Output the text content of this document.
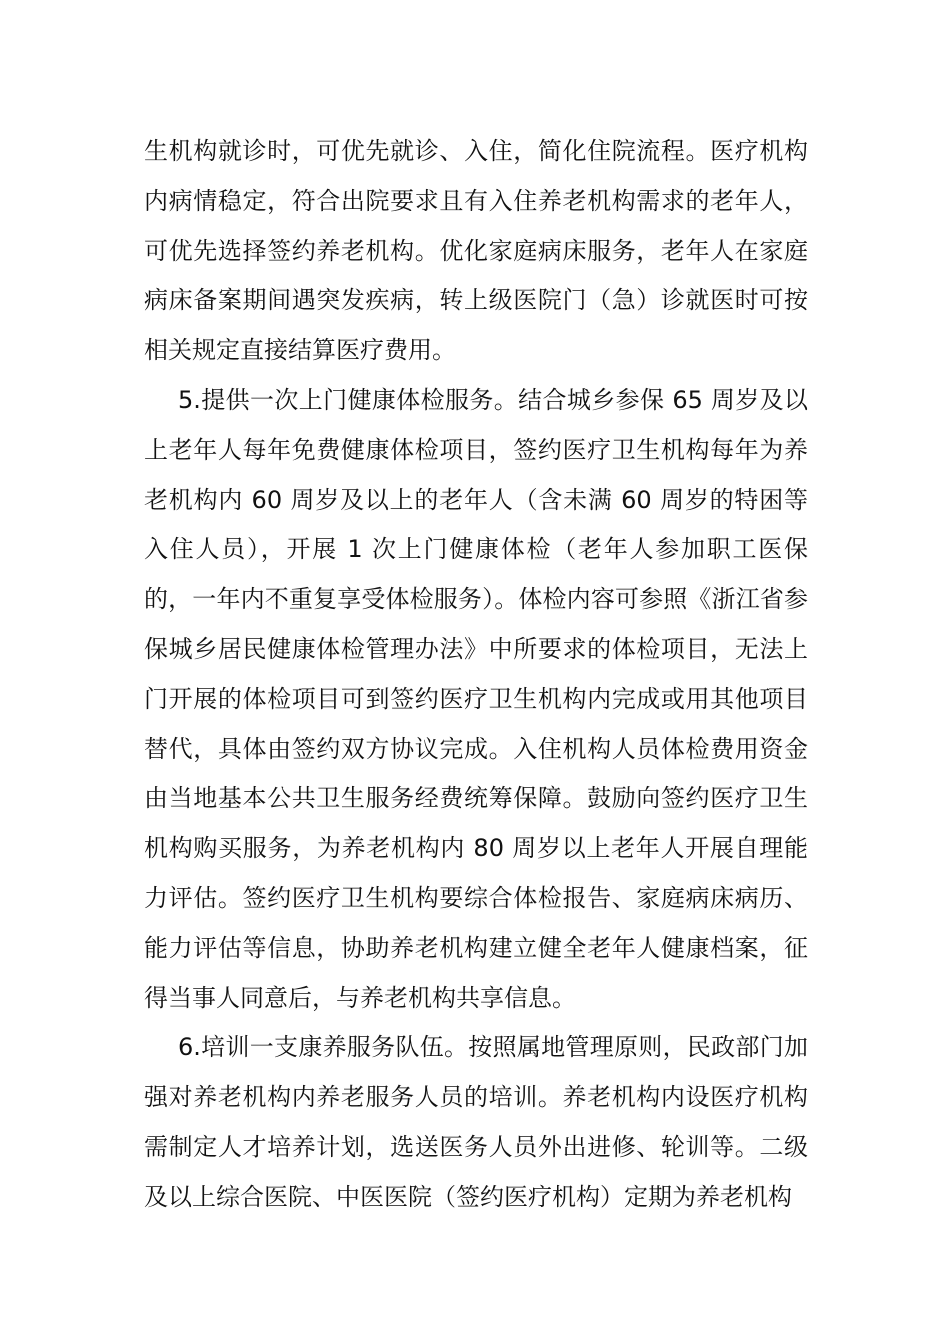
生机构就诊时，可优先就诊、入住，简化住院流程。医疗机构内病情稳定，符合出院要求且有入住养老机构需求的老年人，可优先选择签约养老机构。优化家庭病床服务，老年人在家庭病床备案期间遇突发疾病，转上级医院门（急）诊就医时可按相关规定直接结算医疗费用。

5.提供一次上门健康体检服务。结合城乡参保 65 周岁及以上老年人每年免费健康体检项目，签约医疗卫生机构每年为养老机构内 60 周岁及以上的老年人（含未满 60 周岁的特困等入住人员），开展 1 次上门健康体检（老年人参加职工医保的，一年内不重复享受体检服务）。体检内容可参照《浙江省参保城乡居民健康体检管理办法》中所要求的体检项目，无法上门开展的体检项目可到签约医疗卫生机构内完成或用其他项目替代，具体由签约双方协议完成。入住机构人员体检费用资金由当地基本公共卫生服务经费统筹保障。鼓励向签约医疗卫生机构购买服务，为养老机构内 80 周岁以上老年人开展自理能力评估。签约医疗卫生机构要综合体检报告、家庭病床病历、能力评估等信息，协助养老机构建立健全老年人健康档案，征得当事人同意后，与养老机构共享信息。

6.培训一支康养服务队伍。按照属地管理原则，民政部门加强对养老机构内养老服务人员的培训。养老机构内设医疗机构需制定人才培养计划，选送医务人员外出进修、轮训等。二级及以上综合医院、中医医院（签约医疗机构）定期为养老机构
